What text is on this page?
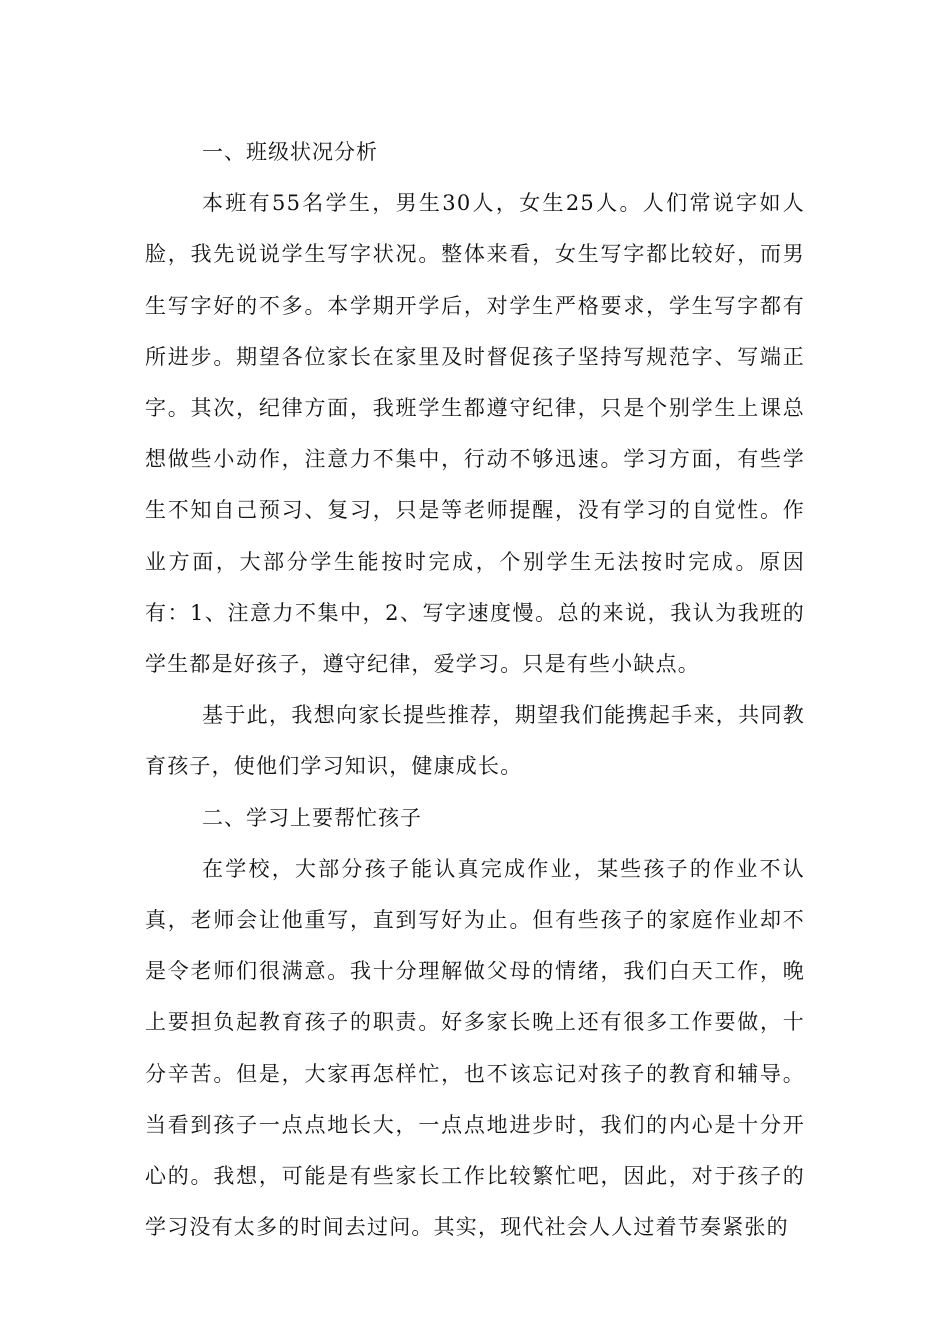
一、班级状况分析

本班有55名学生，男生30人，女生25人。人们常说字如人脸，我先说说学生写字状况。整体来看，女生写字都比较好，而男生写字好的不多。本学期开学后，对学生严格要求，学生写字都有所进步。期望各位家长在家里及时督促孩子坚持写规范字、写端正字。其次，纪律方面，我班学生都遵守纪律，只是个别学生上课总想做些小动作，注意力不集中，行动不够迅速。学习方面，有些学生不知自己预习、复习，只是等老师提醒，没有学习的自觉性。作业方面，大部分学生能按时完成，个别学生无法按时完成。原因有：1、注意力不集中，2、写字速度慢。总的来说，我认为我班的学生都是好孩子，遵守纪律，爱学习。只是有些小缺点。

基于此，我想向家长提些推荐，期望我们能携起手来，共同教育孩子，使他们学习知识，健康成长。

二、学习上要帮忙孩子

在学校，大部分孩子能认真完成作业，某些孩子的作业不认真，老师会让他重写，直到写好为止。但有些孩子的家庭作业却不是令老师们很满意。我十分理解做父母的情绪，我们白天工作，晚上要担负起教育孩子的职责。好多家长晚上还有很多工作要做，十分辛苦。但是，大家再怎样忙，也不该忘记对孩子的教育和辅导。当看到孩子一点点地长大，一点点地进步时，我们的内心是十分开心的。我想，可能是有些家长工作比较繁忙吧，因此，对于孩子的学习没有太多的时间去过问。其实，现代社会人人过着节奏紧张的
